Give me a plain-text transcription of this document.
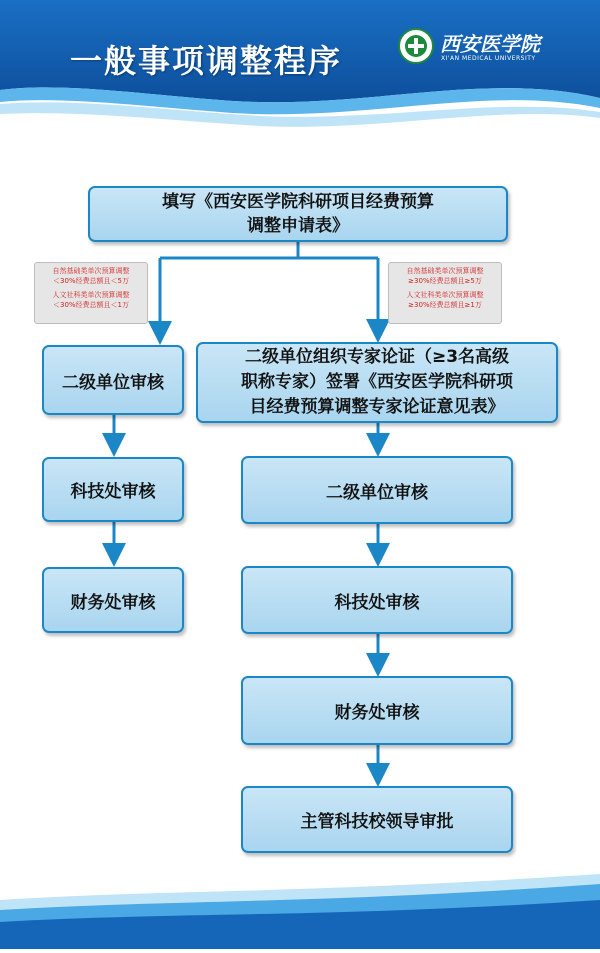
一般事项调整程序	西安医学院
XI'AN MEDICAL UNIVERSITY
填写《西安医学院科研项目经费预算
调整申请表》
自然基础类单次预算调整
＜30%经费总额且＜5万
人文社科类单次预算调整
＜30%经费总额且＜1万
自然基础类单次预算调整
≥30%经费总额且≥5万
人文社科类单次预算调整
≥30%经费总额且≥1万
二级单位审核
科技处审核
财务处审核
二级单位组织专家论证（≥3名高级
职称专家）签署《西安医学院科研项
目经费预算调整专家论证意见表》
二级单位审核
科技处审核
财务处审核
主管科技校领导审批
